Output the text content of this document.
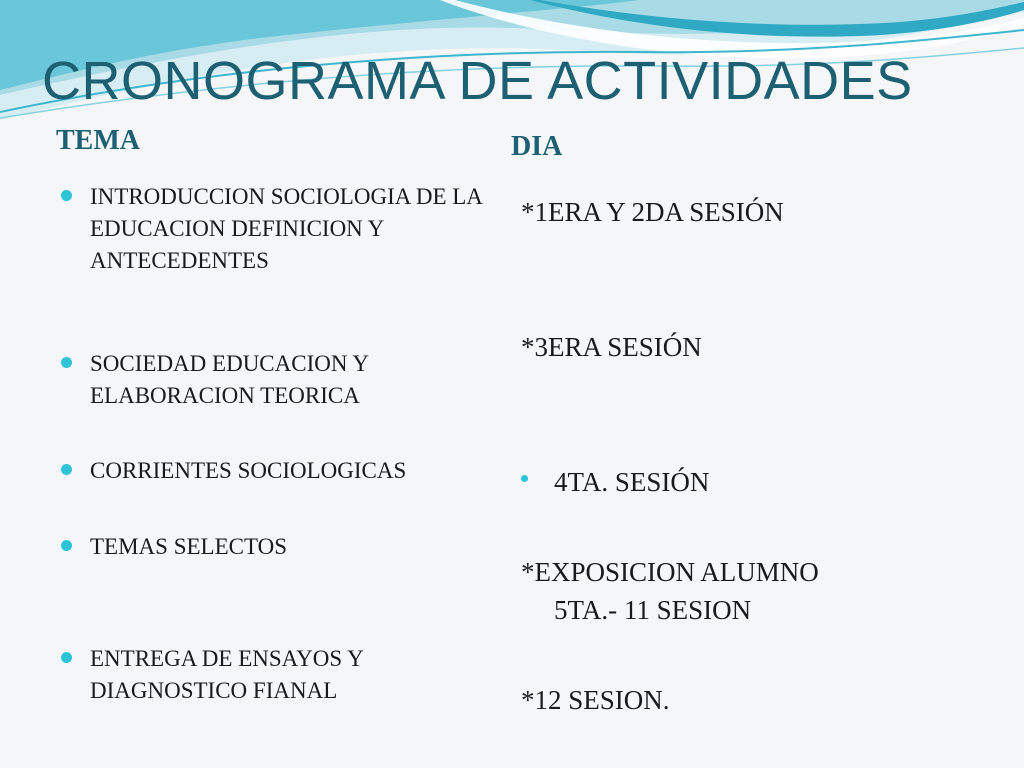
CRONOGRAMA DE ACTIVIDADES
TEMA	DIA
INTRODUCCION SOCIOLOGIA DE LA EDUCACION DEFINICION Y ANTECEDENTES
SOCIEDAD EDUCACION Y ELABORACION TEORICA
CORRIENTES SOCIOLOGICAS
TEMAS SELECTOS
ENTREGA DE ENSAYOS Y DIAGNOSTICO FIANAL
*1ERA Y 2DA SESIÓN
*3ERA SESIÓN
4TA. SESIÓN
*EXPOSICION ALUMNO
5TA.- 11 SESION
*12 SESION.
